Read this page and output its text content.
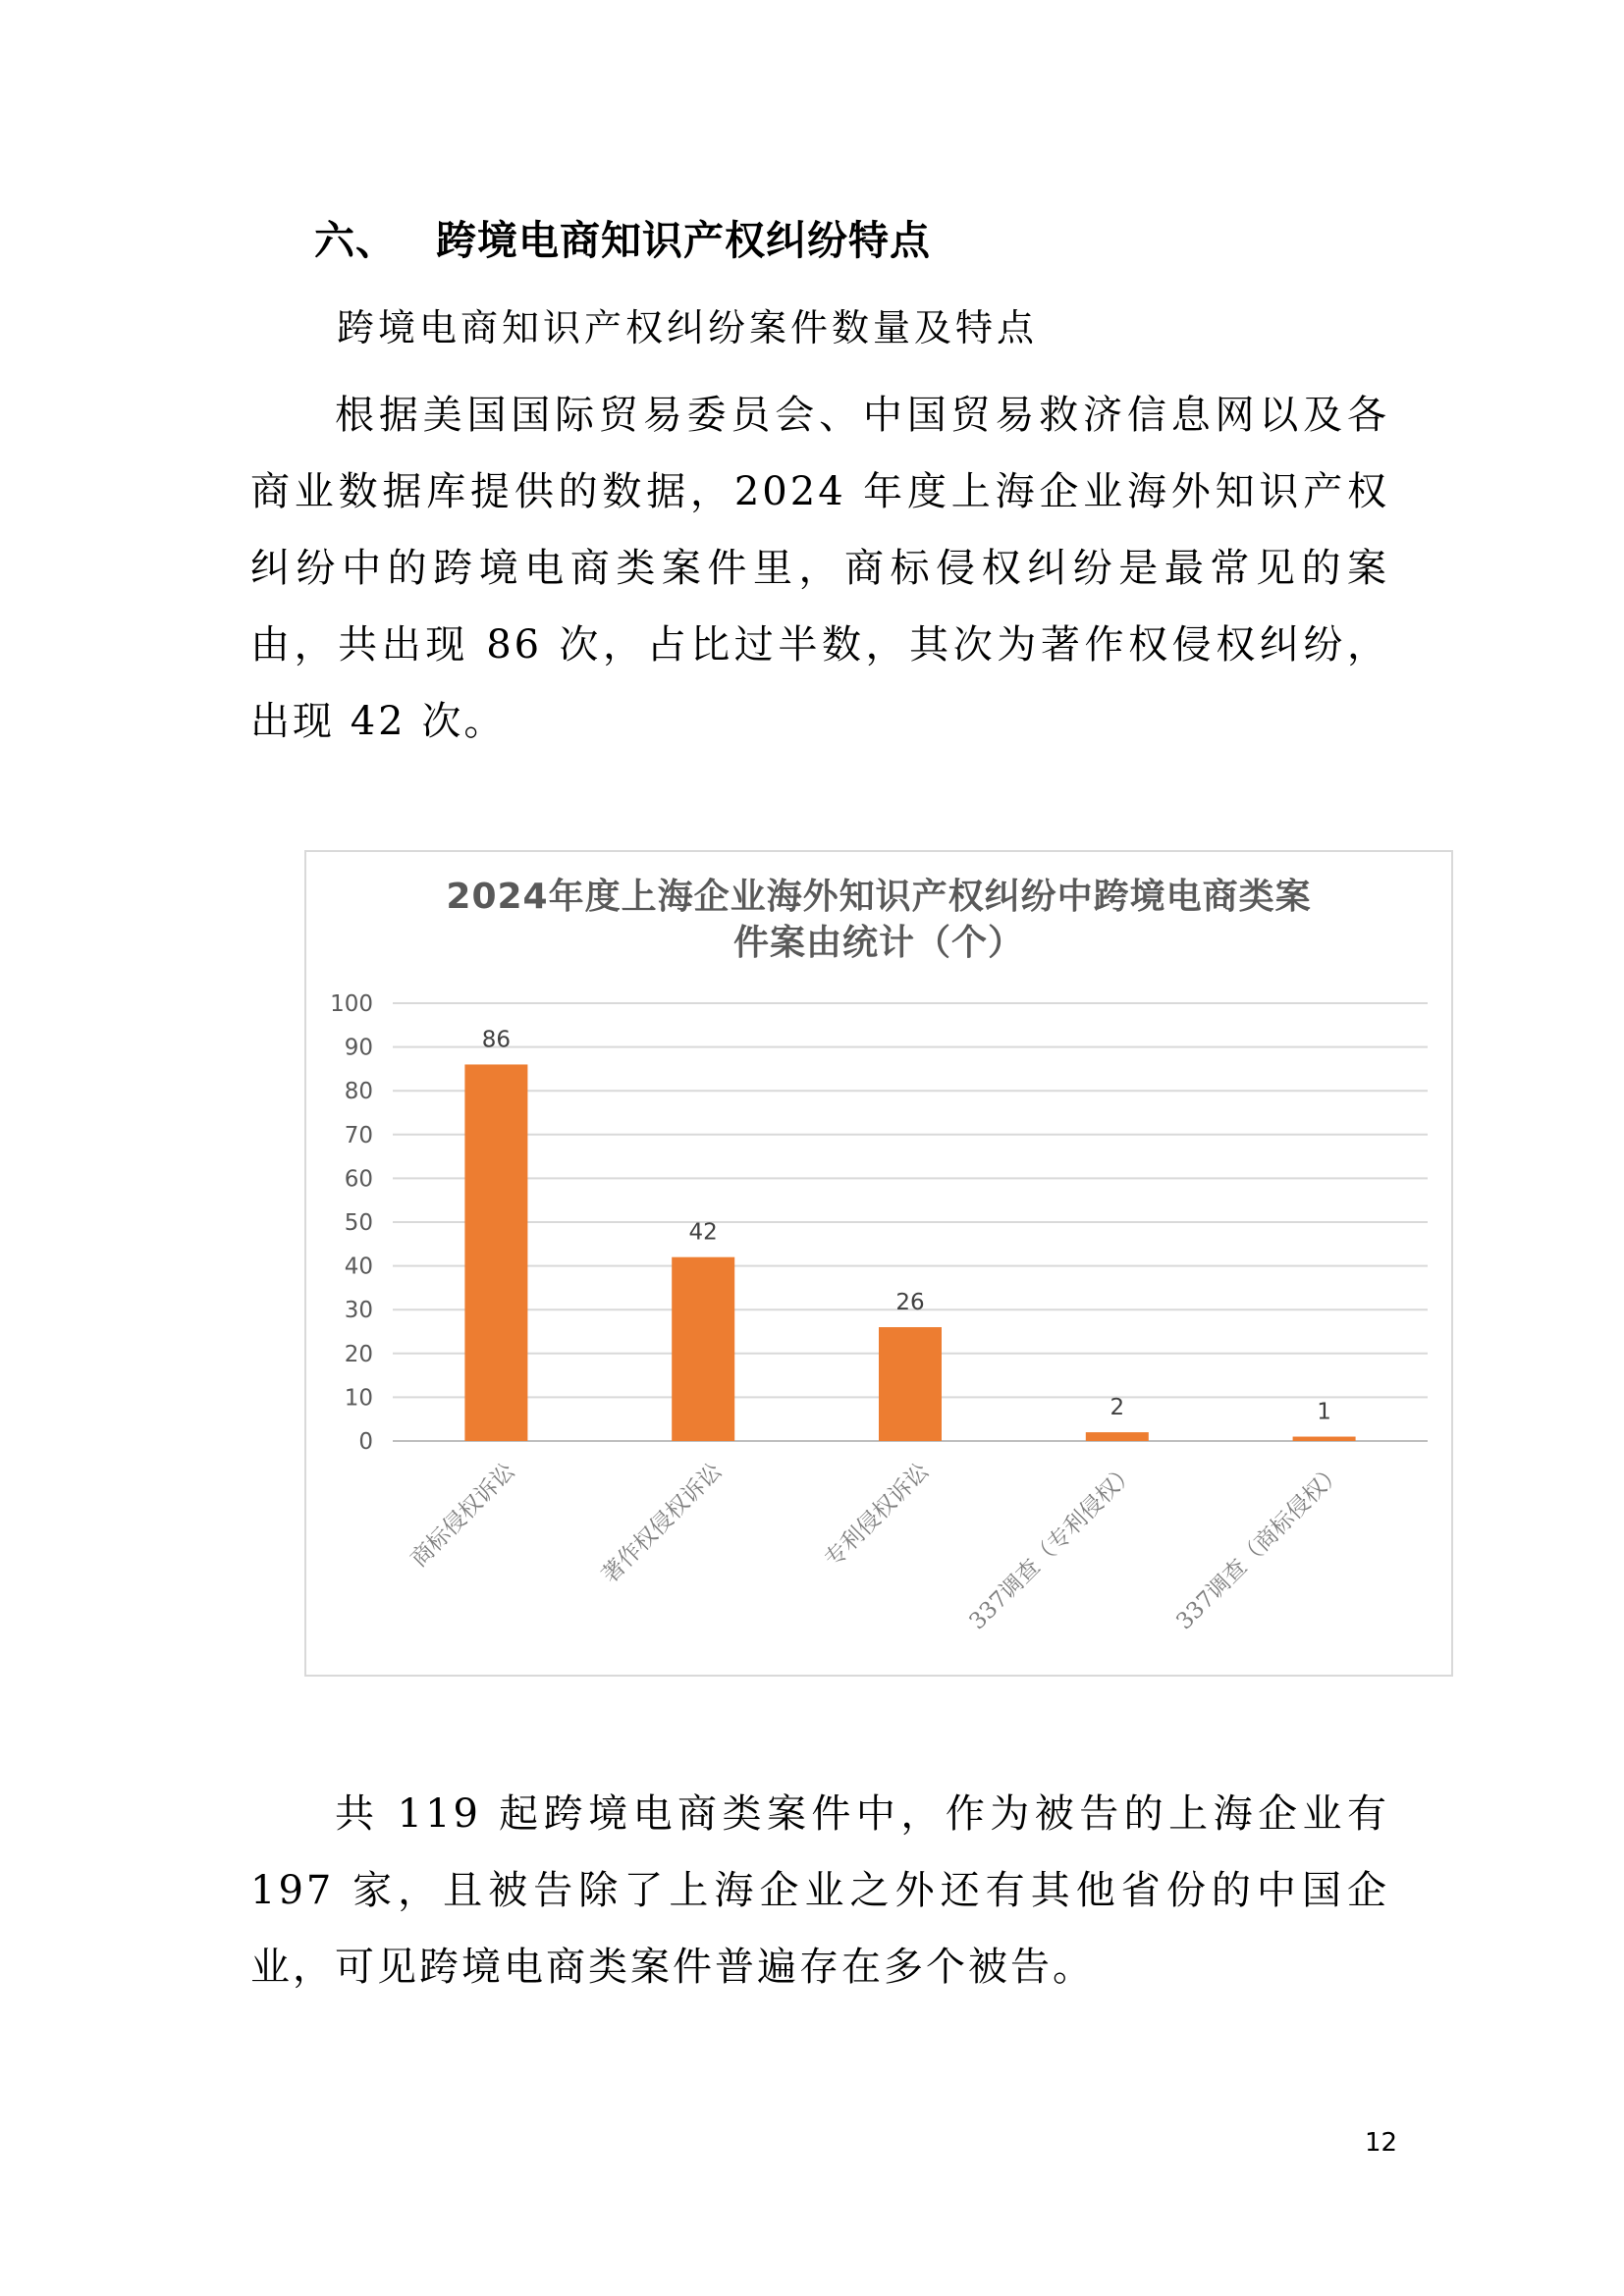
六、 跨境电商知识产权纠纷特点
跨境电商知识产权纠纷案件数量及特点
根据美国国际贸易委员会、中国贸易救济信息网以及各商业数据库提供的数据，2024 年度上海企业海外知识产权纠纷中的跨境电商类案件里，商标侵权纠纷是最常见的案由，共出现 86 次，占比过半数，其次为著作权侵权纠纷，出现 42 次。
2024年度上海企业海外知识产权纠纷中跨境电商类案
件案由统计（个）
0
10
20
30
40
50
60
70
80
90
100
86
商标侵权诉讼
42
著作权侵权诉讼
26
专利侵权诉讼
2
337调查（专利侵权）
1
337调查（商标侵权）
共 119 起跨境电商类案件中，作为被告的上海企业有 197 家，且被告除了上海企业之外还有其他省份的中国企业，可见跨境电商类案件普遍存在多个被告。
12
